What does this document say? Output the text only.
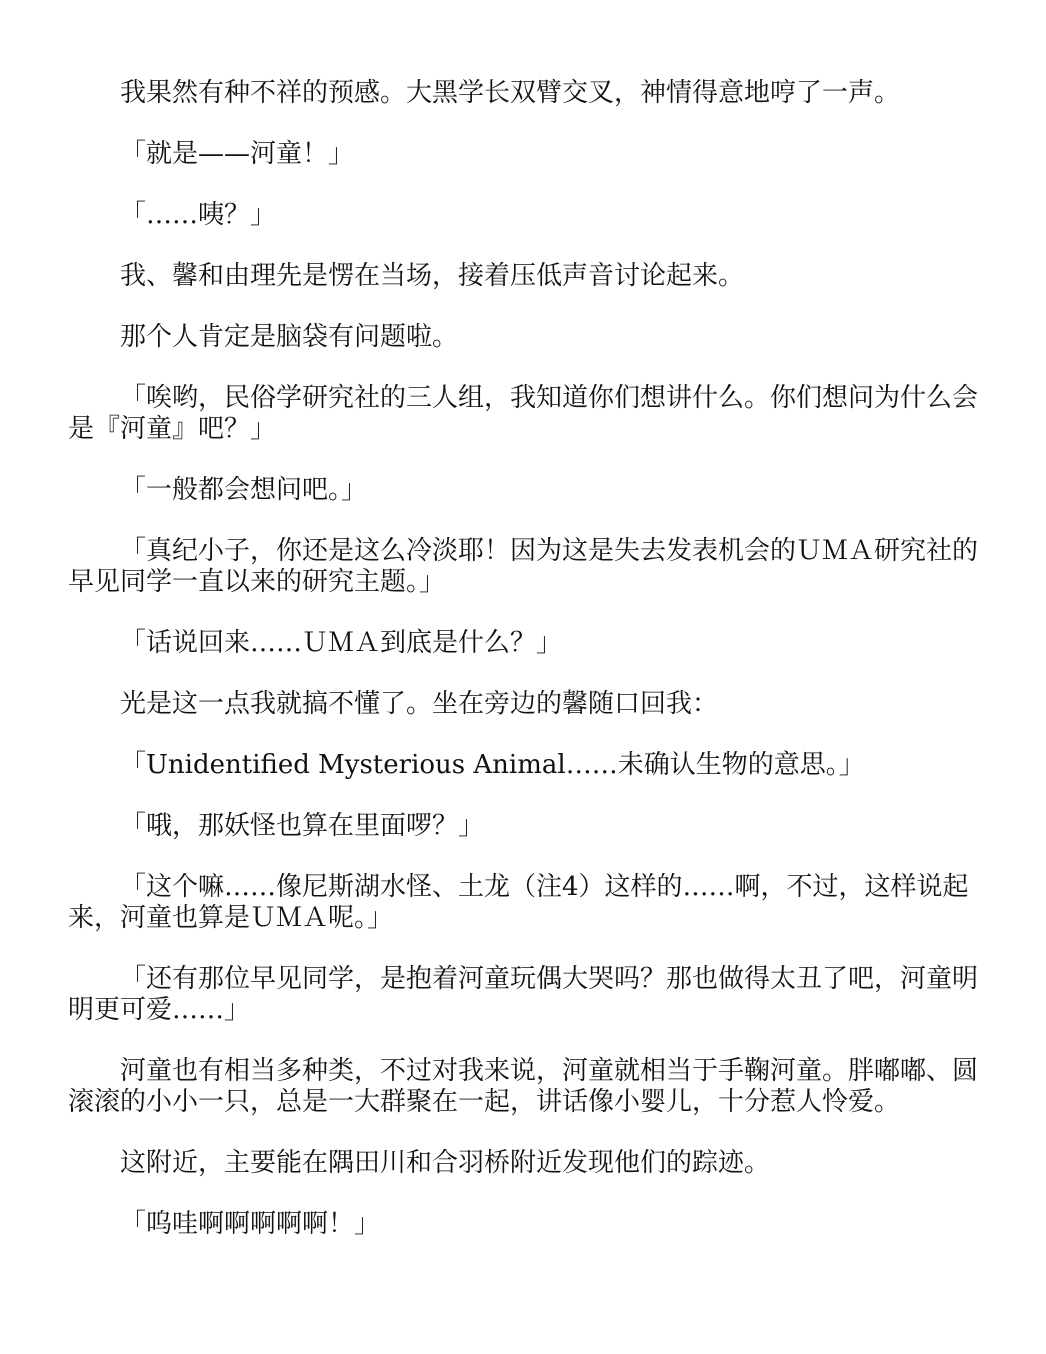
我果然有种不祥的预感。大黑学长双臂交叉，神情得意地哼了一声。

「就是——河童！」

「……咦？」

我、馨和由理先是愣在当场，接着压低声音讨论起来。

那个人肯定是脑袋有问题啦。

「唉哟，民俗学研究社的三人组，我知道你们想讲什么。你们想问为什么会是『河童』吧？」

「一般都会想问吧。」

「真纪小子，你还是这么冷淡耶！因为这是失去发表机会的ＵＭＡ研究社的早见同学一直以来的研究主题。」

「话说回来……ＵＭＡ到底是什么？」

光是这一点我就搞不懂了。坐在旁边的馨随口回我：

「Unidentified Mysterious Animal……未确认生物的意思。」

「哦，那妖怪也算在里面啰？」

「这个嘛……像尼斯湖水怪、土龙（注4）这样的……啊，不过，这样说起来，河童也算是ＵＭＡ呢。」

「还有那位早见同学，是抱着河童玩偶大哭吗？那也做得太丑了吧，河童明明更可爱……」

河童也有相当多种类，不过对我来说，河童就相当于手鞠河童。胖嘟嘟、圆滚滚的小小一只，总是一大群聚在一起，讲话像小婴儿，十分惹人怜爱。

这附近，主要能在隅田川和合羽桥附近发现他们的踪迹。

「呜哇啊啊啊啊啊！」
